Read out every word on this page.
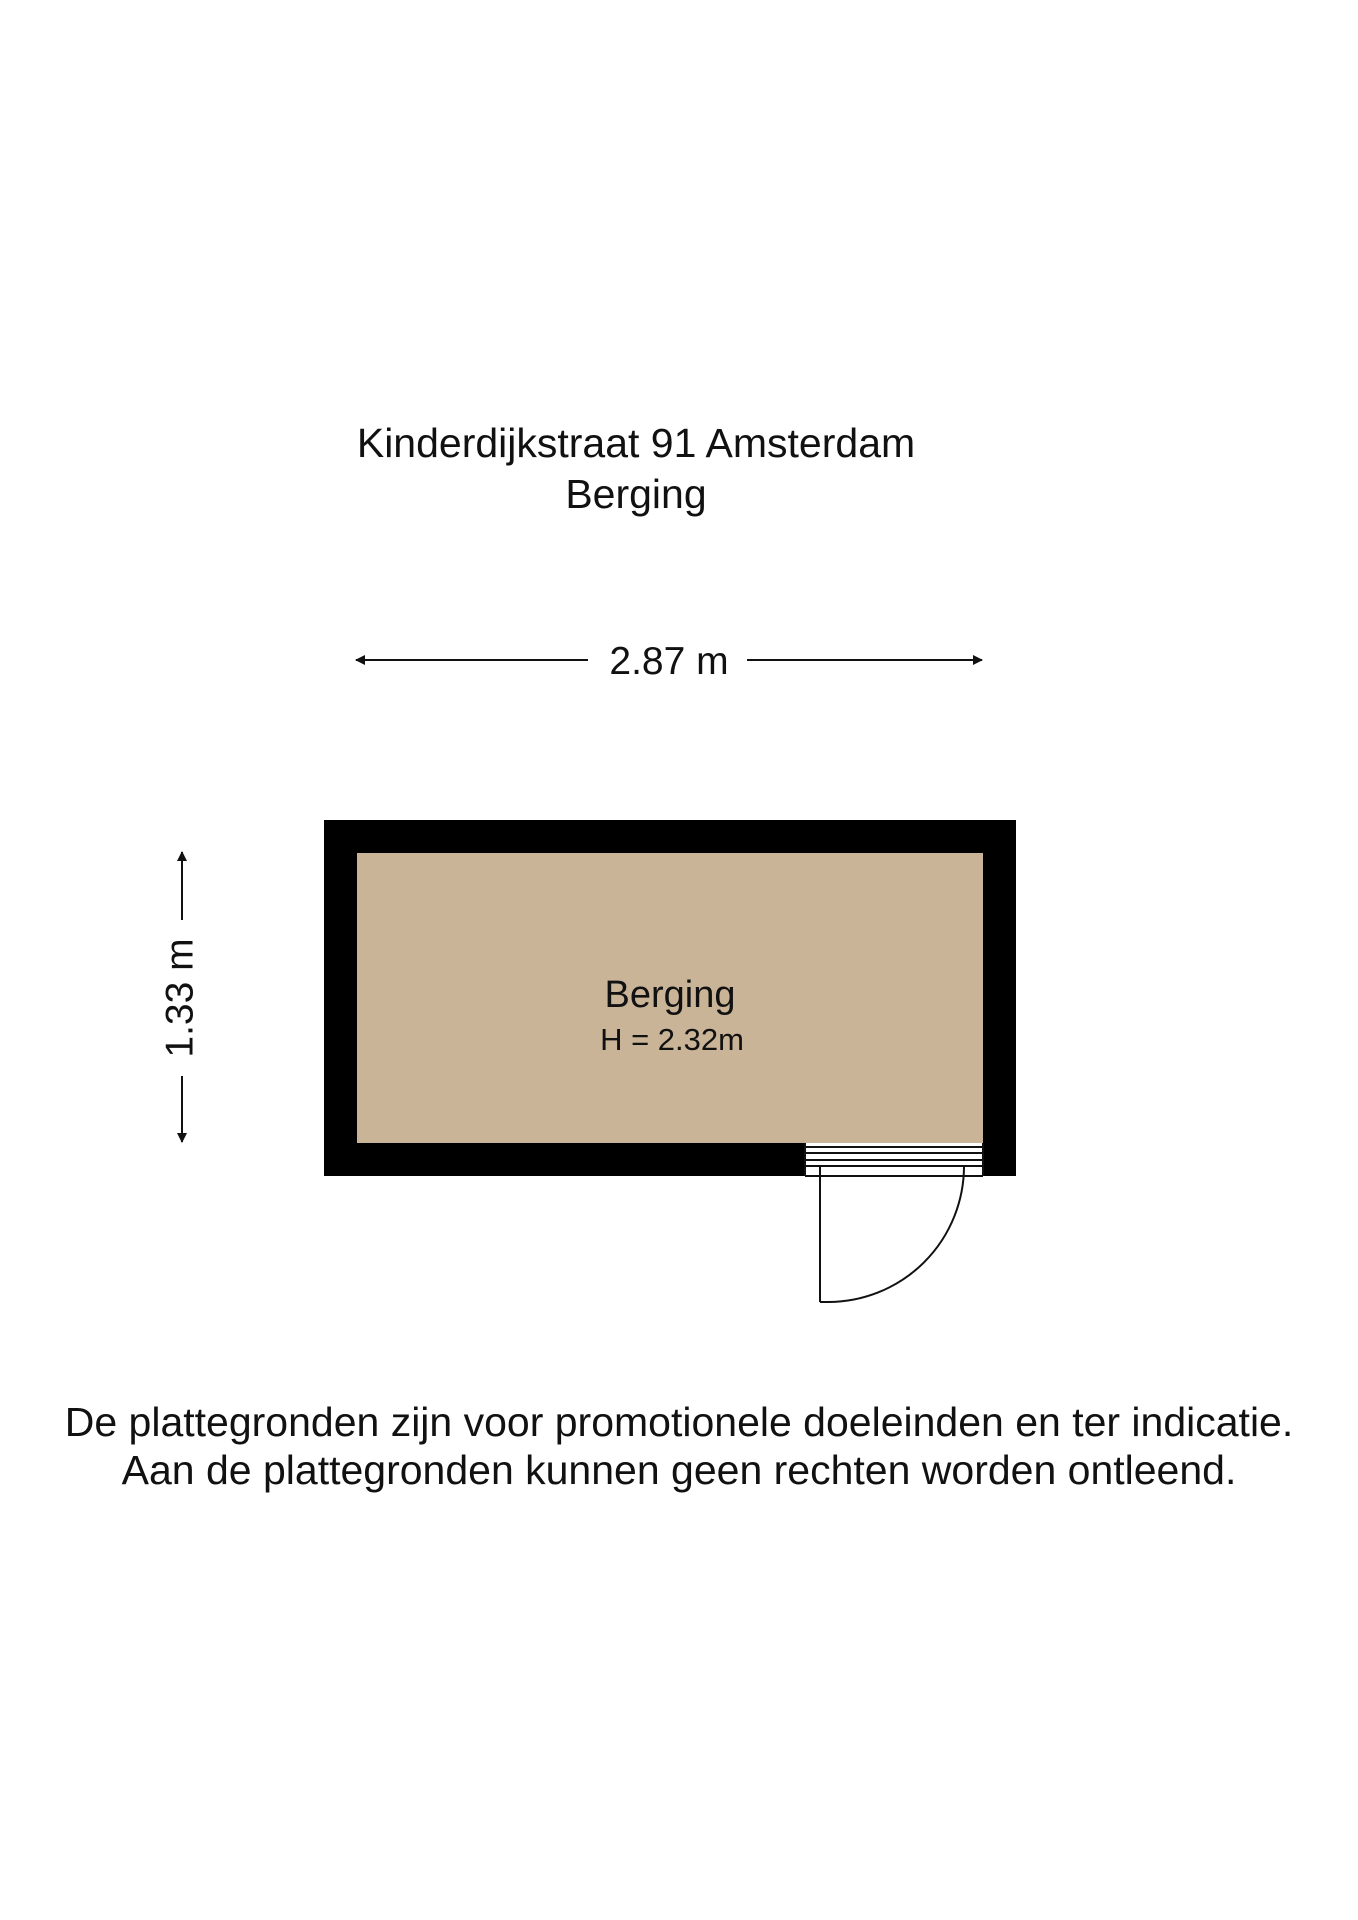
Kinderdijkstraat 91 Amsterdam
Berging
2.87 m
1.33 m	Berging
H = 2.32m
De plattegronden zijn voor promotionele doeleinden en ter indicatie.
Aan de plattegronden kunnen geen rechten worden ontleend.
